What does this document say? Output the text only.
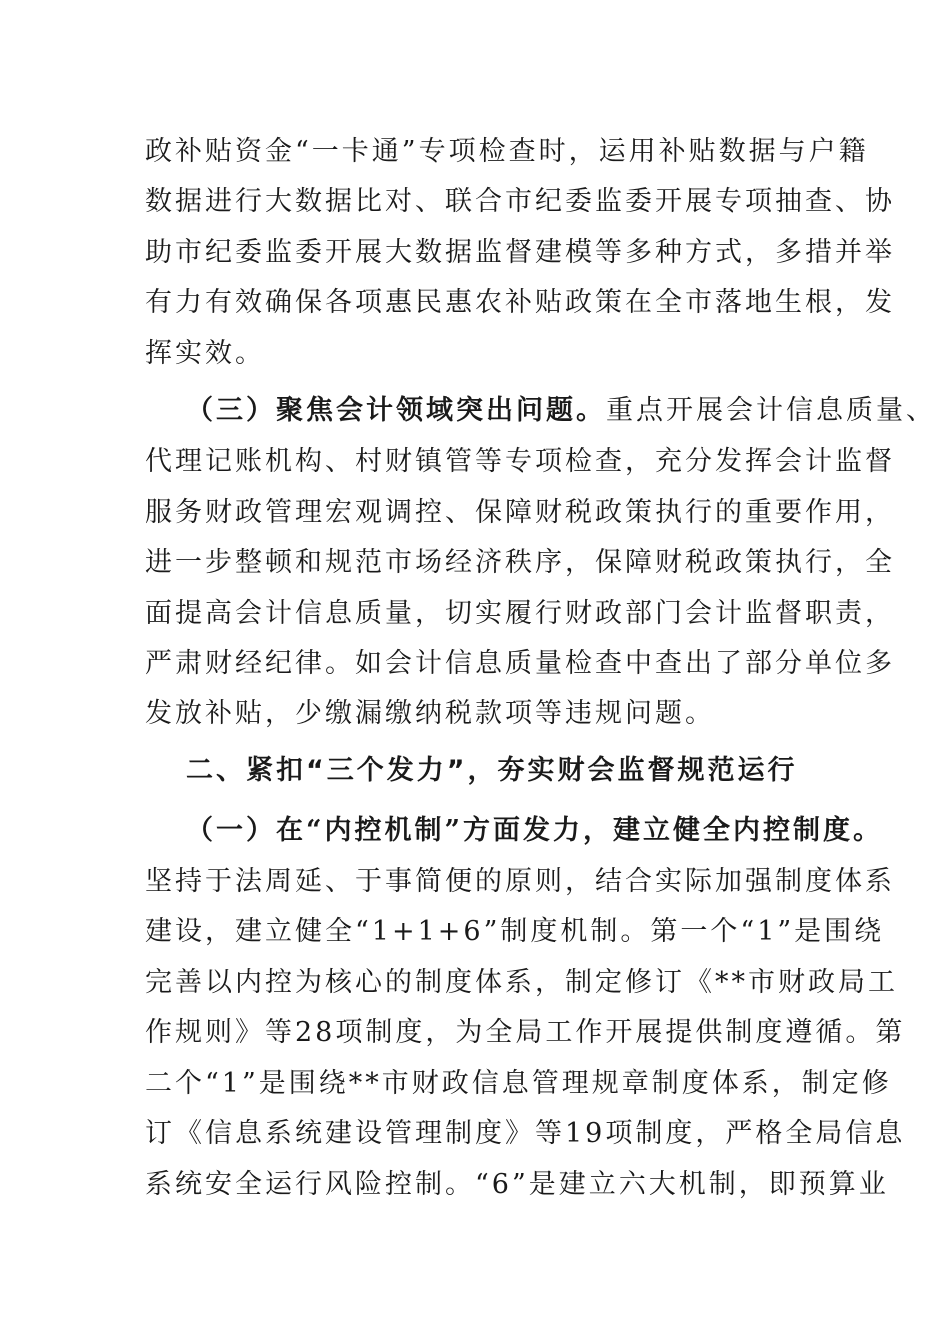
政补贴资金“一卡通”专项检查时，运用补贴数据与户籍
数据进行大数据比对、联合市纪委监委开展专项抽查、协
助市纪委监委开展大数据监督建模等多种方式，多措并举
有力有效确保各项惠民惠农补贴政策在全市落地生根，发
挥实效。
（三）聚焦会计领域突出问题。重点开展会计信息质量、
代理记账机构、村财镇管等专项检查，充分发挥会计监督
服务财政管理宏观调控、保障财税政策执行的重要作用，
进一步整顿和规范市场经济秩序，保障财税政策执行，全
面提高会计信息质量，切实履行财政部门会计监督职责，
严肃财经纪律。如会计信息质量检查中查出了部分单位多
发放补贴，少缴漏缴纳税款项等违规问题。
二、紧扣“三个发力”，夯实财会监督规范运行
（一）在“内控机制”方面发力，建立健全内控制度。
坚持于法周延、于事简便的原则，结合实际加强制度体系
建设，建立健全“1+1+6”制度机制。第一个“1”是围绕
完善以内控为核心的制度体系，制定修订《**市财政局工
作规则》等28项制度，为全局工作开展提供制度遵循。第
二个“1”是围绕**市财政信息管理规章制度体系，制定修
订《信息系统建设管理制度》等19项制度，严格全局信息
系统安全运行风险控制。“6”是建立六大机制，即预算业
